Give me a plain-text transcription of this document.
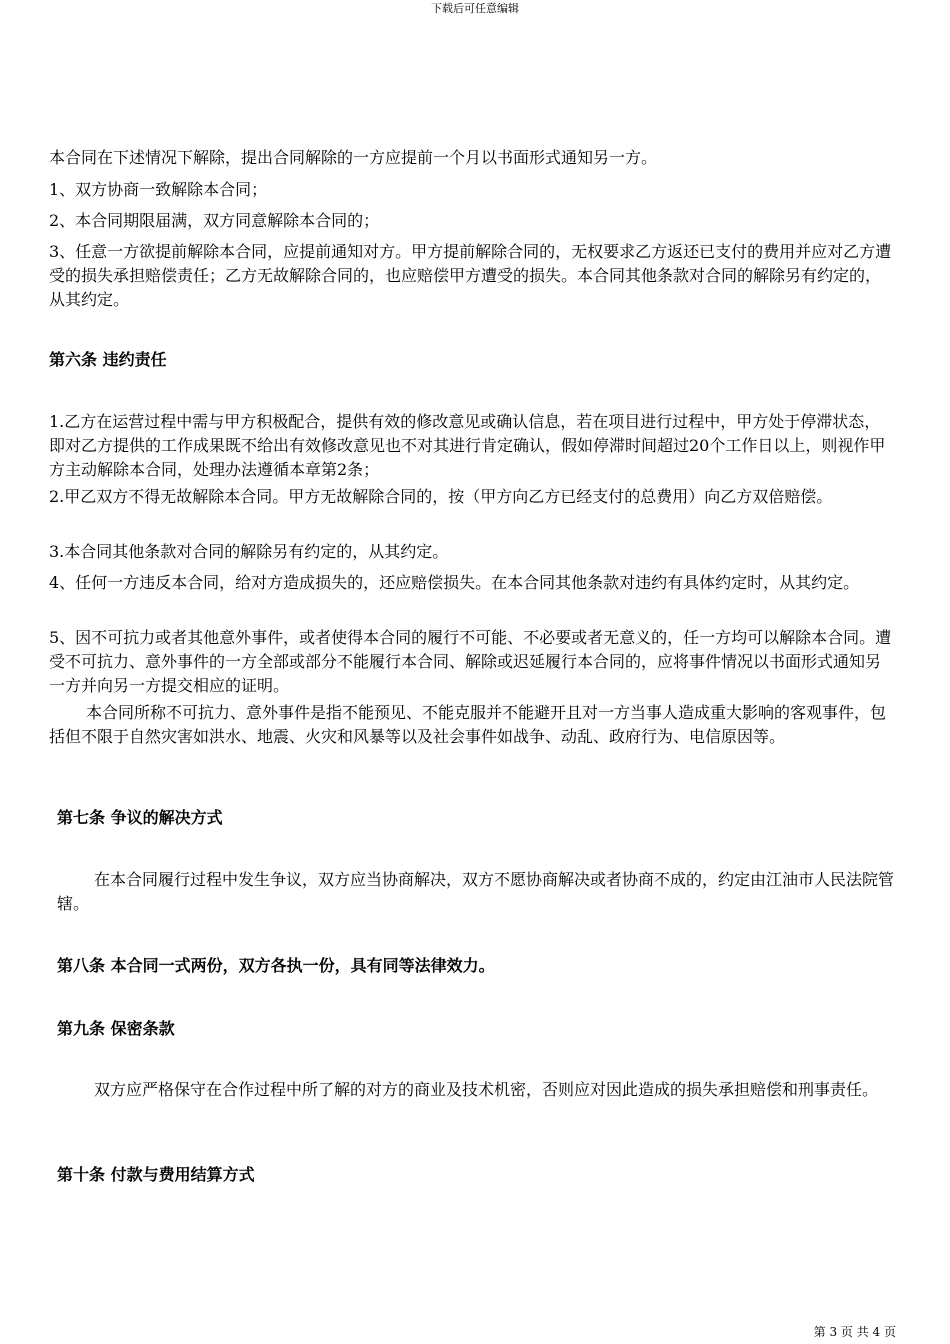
下载后可任意编辑

本合同在下述情况下解除，提出合同解除的一方应提前一个月以书面形式通知另一方。

1、双方协商一致解除本合同；

2、本合同期限届满，双方同意解除本合同的；

3、任意一方欲提前解除本合同，应提前通知对方。甲方提前解除合同的，无权要求乙方返还已支付的费用并应对乙方遭受的损失承担赔偿责任；乙方无故解除合同的，也应赔偿甲方遭受的损失。本合同其他条款对合同的解除另有约定的，从其约定。

第六条 违约责任

1.乙方在运营过程中需与甲方积极配合，提供有效的修改意见或确认信息，若在项目进行过程中，甲方处于停滞状态，即对乙方提供的工作成果既不给出有效修改意见也不对其进行肯定确认，假如停滞时间超过20个工作日以上，则视作甲方主动解除本合同，处理办法遵循本章第2条；

2.甲乙双方不得无故解除本合同。甲方无故解除合同的，按（甲方向乙方已经支付的总费用）向乙方双倍赔偿。

3.本合同其他条款对合同的解除另有约定的，从其约定。

4、任何一方违反本合同，给对方造成损失的，还应赔偿损失。在本合同其他条款对违约有具体约定时，从其约定。

5、因不可抗力或者其他意外事件，或者使得本合同的履行不可能、不必要或者无意义的，任一方均可以解除本合同。遭受不可抗力、意外事件的一方全部或部分不能履行本合同、解除或迟延履行本合同的，应将事件情况以书面形式通知另一方并向另一方提交相应的证明。

本合同所称不可抗力、意外事件是指不能预见、不能克服并不能避开且对一方当事人造成重大影响的客观事件，包括但不限于自然灾害如洪水、地震、火灾和风暴等以及社会事件如战争、动乱、政府行为、电信原因等。

第七条 争议的解决方式

在本合同履行过程中发生争议，双方应当协商解决，双方不愿协商解决或者协商不成的，约定由江油市人民法院管辖。

第八条 本合同一式两份，双方各执一份，具有同等法律效力。
第九条 保密条款

双方应严格保守在合作过程中所了解的对方的商业及技术机密，否则应对因此造成的损失承担赔偿和刑事责任。

第十条 付款与费用结算方式
第 3 页 共 4 页
